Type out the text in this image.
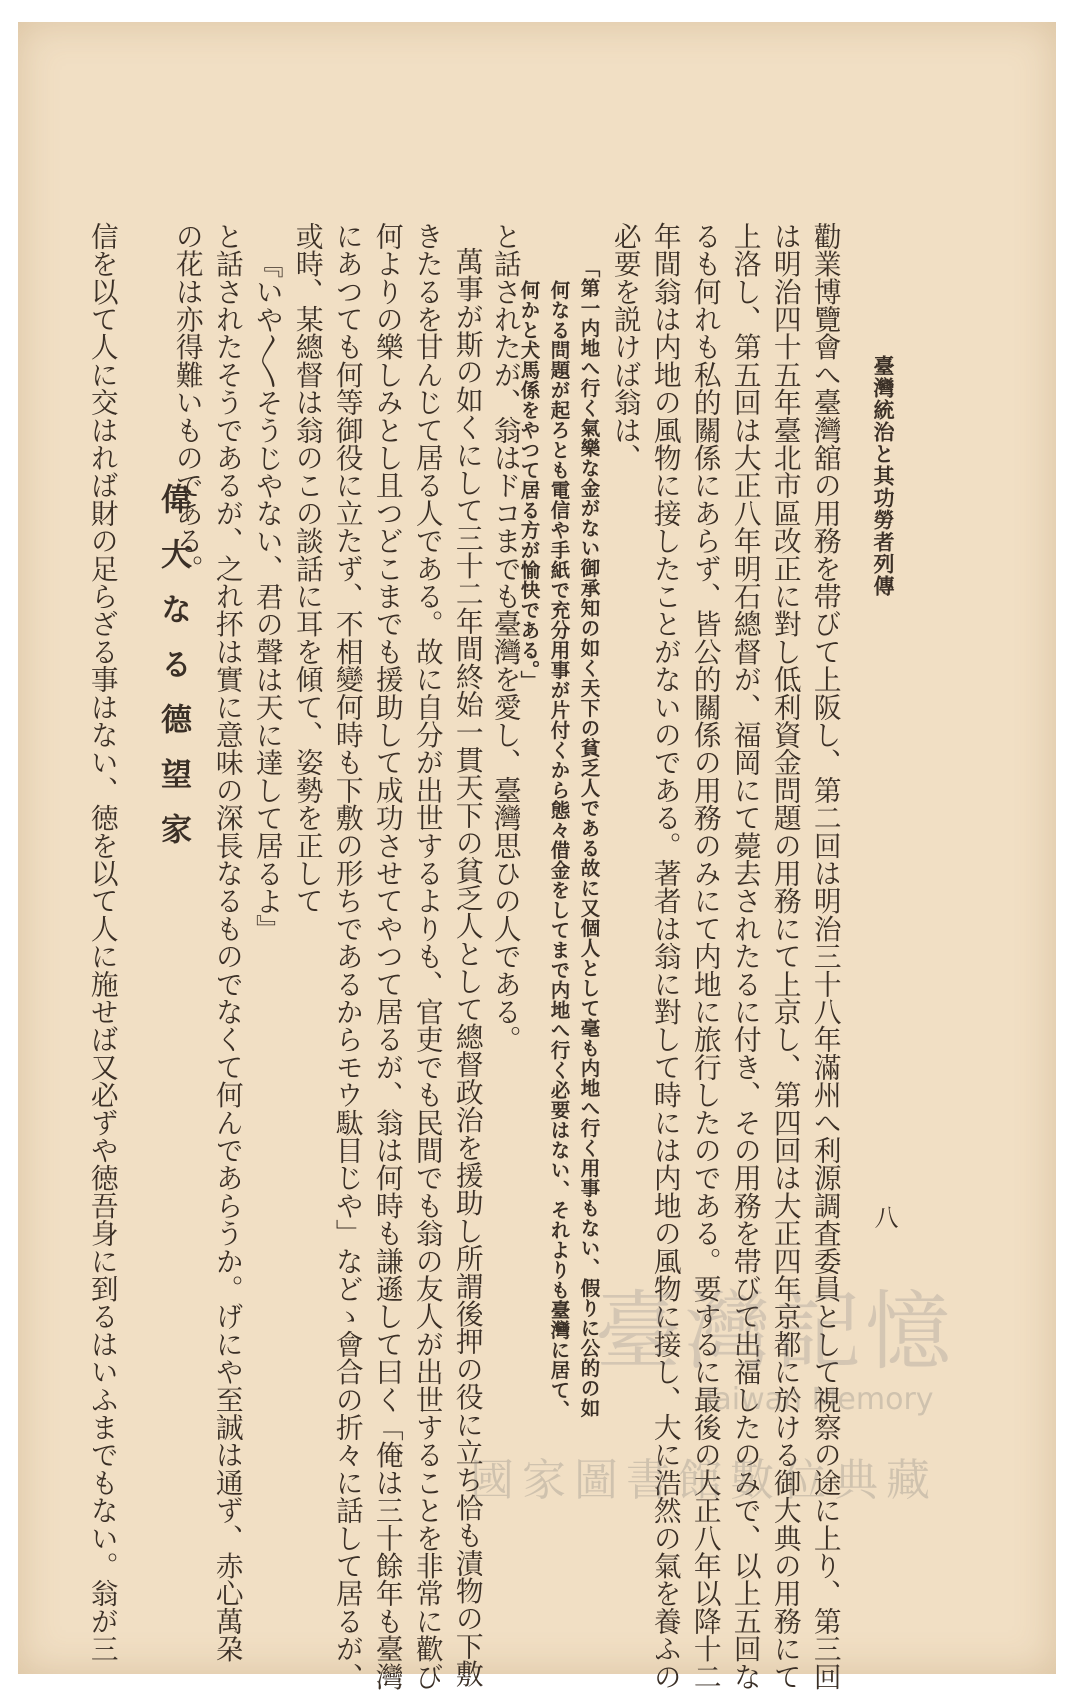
臺灣統治と其功勞者列傳
八
勸業博覽會へ臺灣舘の用務を帯びて上阪し、第二回は明治三十八年滿州へ利源調査委員として視察の途に上り、第三回
は明治四十五年臺北市區改正に對し低利資金問題の用務にて上京し、第四回は大正四年京都に於ける御大典の用務にて
上洛し、第五回は大正八年明石總督が、福岡にて薨去されたるに付き、その用務を帯びて出福したのみで、以上五回な
るも何れも私的關係にあらず、皆公的關係の用務のみにて内地に旅行したのである。要するに最後の大正八年以降十二
年間翁は内地の風物に接したことがないのである。著者は翁に對して時には内地の風物に接し、大に浩然の氣を養ふの
必要を説けば翁は、
「第一内地へ行く氣樂な金がない御承知の如く天下の貧乏人である故に又個人として毫も内地へ行く用事もない、假りに公的の如
何なる問題が起ろとも電信や手紙で充分用事が片付くから態々借金をしてまで内地へ行く必要はない、それよりも臺灣に居て、
何かと犬馬係をやつて居る方が愉快である。」
と話されたが、翁はドコまでも臺灣を愛し、臺灣思ひの人である。
萬事が斯の如くにして三十二年間終始一貫天下の貧乏人として總督政治を援助し所謂後押の役に立ち恰も漬物の下敷
きたるを甘んじて居る人である。故に自分が出世するよりも、官吏でも民間でも翁の友人が出世することを非常に歡び
何よりの樂しみとし且つどこまでも援助して成功させてやつて居るが、翁は何時も謙遜して曰く「俺は三十餘年も臺灣
にあつても何等御役に立たず、不相變何時も下敷の形ちであるからモウ駄目じや」などゝ會合の折々に話して居るが、
或時、某總督は翁のこの談話に耳を傾て、姿勢を正して
『いや〳〵そうじやない、君の聲は天に達して居るよ』
と話されたそうであるが、之れ抔は實に意味の深長なるものでなくて何んであらうか。げにや至誠は通ず、赤心萬朶
の花は亦得難いものである。
偉大なる德望家
信を以て人に交はれば財の足らざる事はない、徳を以て人に施せば又必ずや徳吾身に到るはいふまでもない。翁が三	臺灣記憶
Taiwan Memory
國家圖書館數位典藏
